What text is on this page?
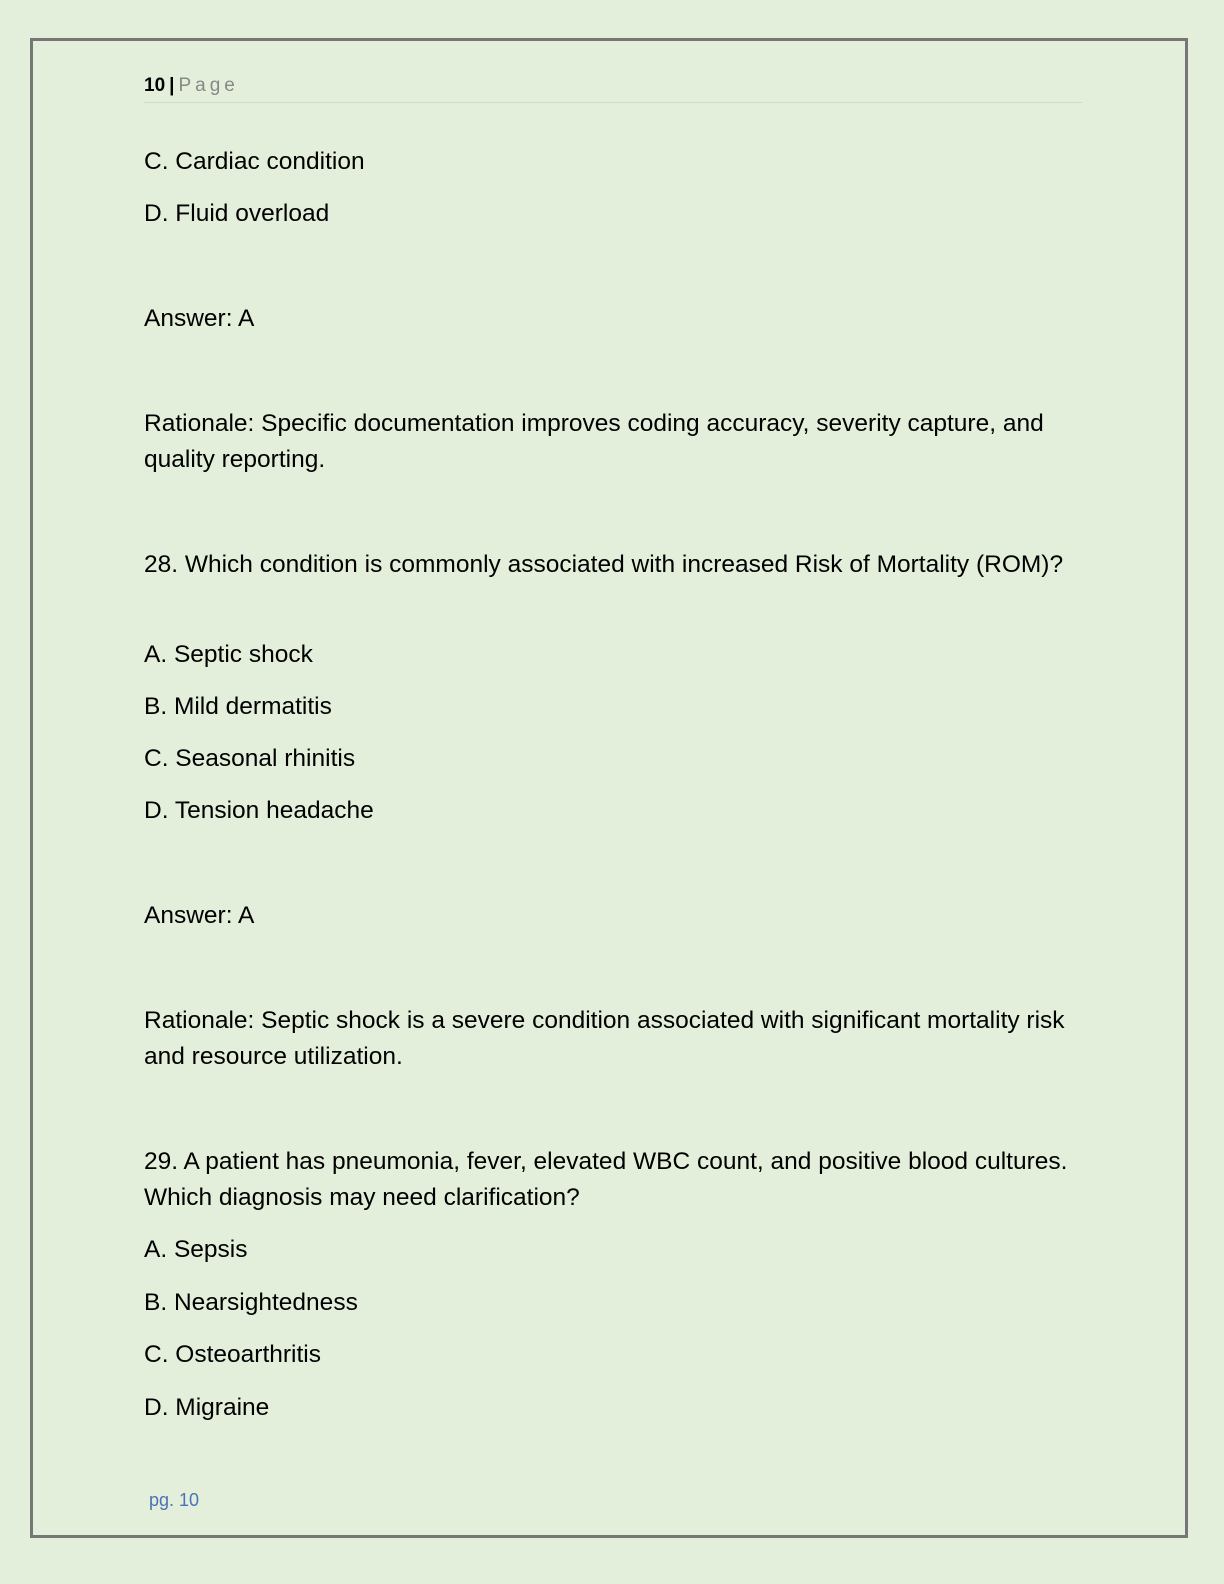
10 | Page
C. Cardiac condition
D. Fluid overload
Answer: A
Rationale: Specific documentation improves coding accuracy, severity capture, and quality reporting.
28. Which condition is commonly associated with increased Risk of Mortality (ROM)?
A. Septic shock
B. Mild dermatitis
C. Seasonal rhinitis
D. Tension headache
Answer: A
Rationale: Septic shock is a severe condition associated with significant mortality risk and resource utilization.
29. A patient has pneumonia, fever, elevated WBC count, and positive blood cultures. Which diagnosis may need clarification?
A. Sepsis
B. Nearsightedness
C. Osteoarthritis
D. Migraine
pg. 10
